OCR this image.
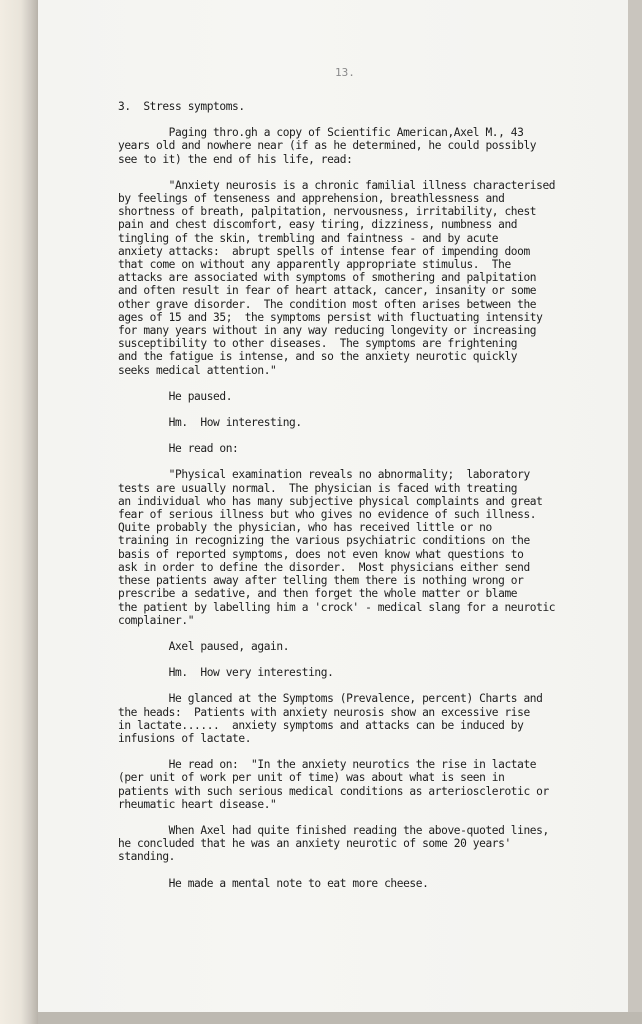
13.
3.  Stress symptoms.
Paging thro.gh a copy of Scientific American,Axel M., 43
years old and nowhere near (if as he determined, he could possibly
see to it) the end of his life, read:
"Anxiety neurosis is a chronic familial illness characterised
by feelings of tenseness and apprehension, breathlessness and
shortness of breath, palpitation, nervousness, irritability, chest
pain and chest discomfort, easy tiring, dizziness, numbness and
tingling of the skin, trembling and faintness - and by acute
anxiety attacks:  abrupt spells of intense fear of impending doom
that come on without any apparently appropriate stimulus.  The
attacks are associated with symptoms of smothering and palpitation
and often result in fear of heart attack, cancer, insanity or some
other grave disorder.  The condition most often arises between the
ages of 15 and 35;  the symptoms persist with fluctuating intensity
for many years without in any way reducing longevity or increasing
susceptibility to other diseases.  The symptoms are frightening
and the fatigue is intense, and so the anxiety neurotic quickly
seeks medical attention."
He paused.
Hm.  How interesting.
He read on:
"Physical examination reveals no abnormality;  laboratory
tests are usually normal.  The physician is faced with treating
an individual who has many subjective physical complaints and great
fear of serious illness but who gives no evidence of such illness.
Quite probably the physician, who has received little or no
training in recognizing the various psychiatric conditions on the
basis of reported symptoms, does not even know what questions to
ask in order to define the disorder.  Most physicians either send
these patients away after telling them there is nothing wrong or
prescribe a sedative, and then forget the whole matter or blame
the patient by labelling him a 'crock' - medical slang for a neurotic
complainer."
Axel paused, again.
Hm.  How very interesting.
He glanced at the Symptoms (Prevalence, percent) Charts and
the heads:  Patients with anxiety neurosis show an excessive rise
in lactate......  anxiety symptoms and attacks can be induced by
infusions of lactate.
He read on:  "In the anxiety neurotics the rise in lactate
(per unit of work per unit of time) was about what is seen in
patients with such serious medical conditions as arteriosclerotic or
rheumatic heart disease."
When Axel had quite finished reading the above-quoted lines,
he concluded that he was an anxiety neurotic of some 20 years'
standing.
He made a mental note to eat more cheese.
